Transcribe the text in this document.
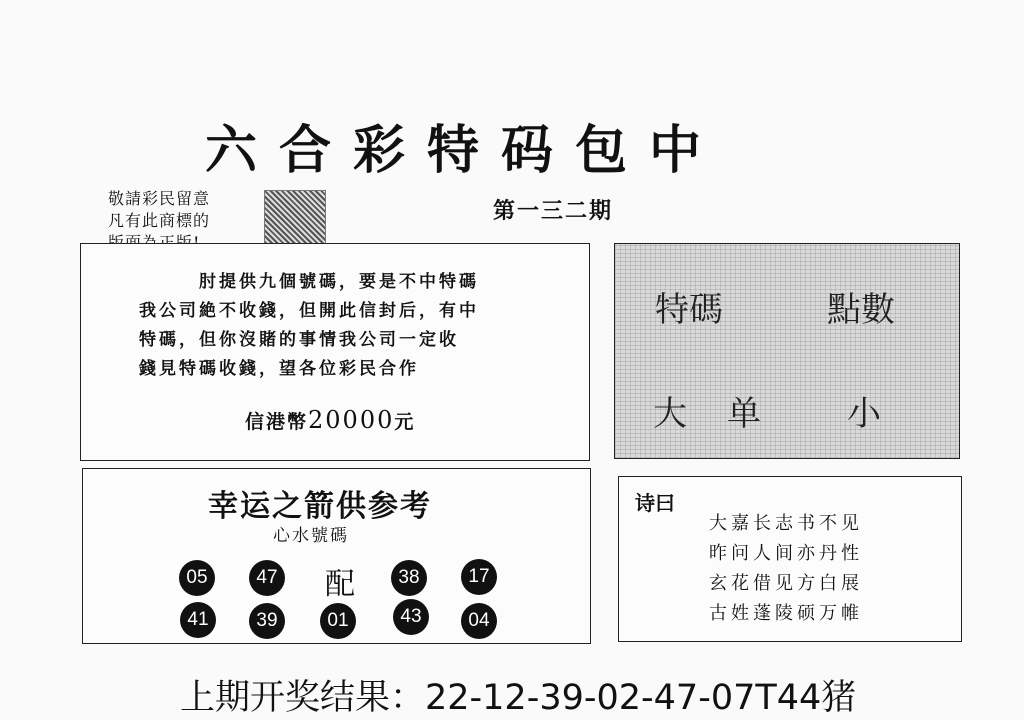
六合彩特码包中
敬請彩民留意
凡有此商標的	第一三二期
肘提供九個號碼，要是不中特碼
我公司絶不收錢，但開此信封后，有中
特碼，但你沒賭的事情我公司一定收
錢見特碼收錢，望各位彩民合作
信港幣20000元
特碼	點數
大 单	小
幸运之箭供参考
心水號碼
05	47 配	38	17
41	39	01	43	04
诗曰
大嘉长志书不见
昨问人间亦丹性
玄花借见方白展
古姓蓬陵硕万帷
上期开奖结果：22-12-39-02-47-07T44猪
